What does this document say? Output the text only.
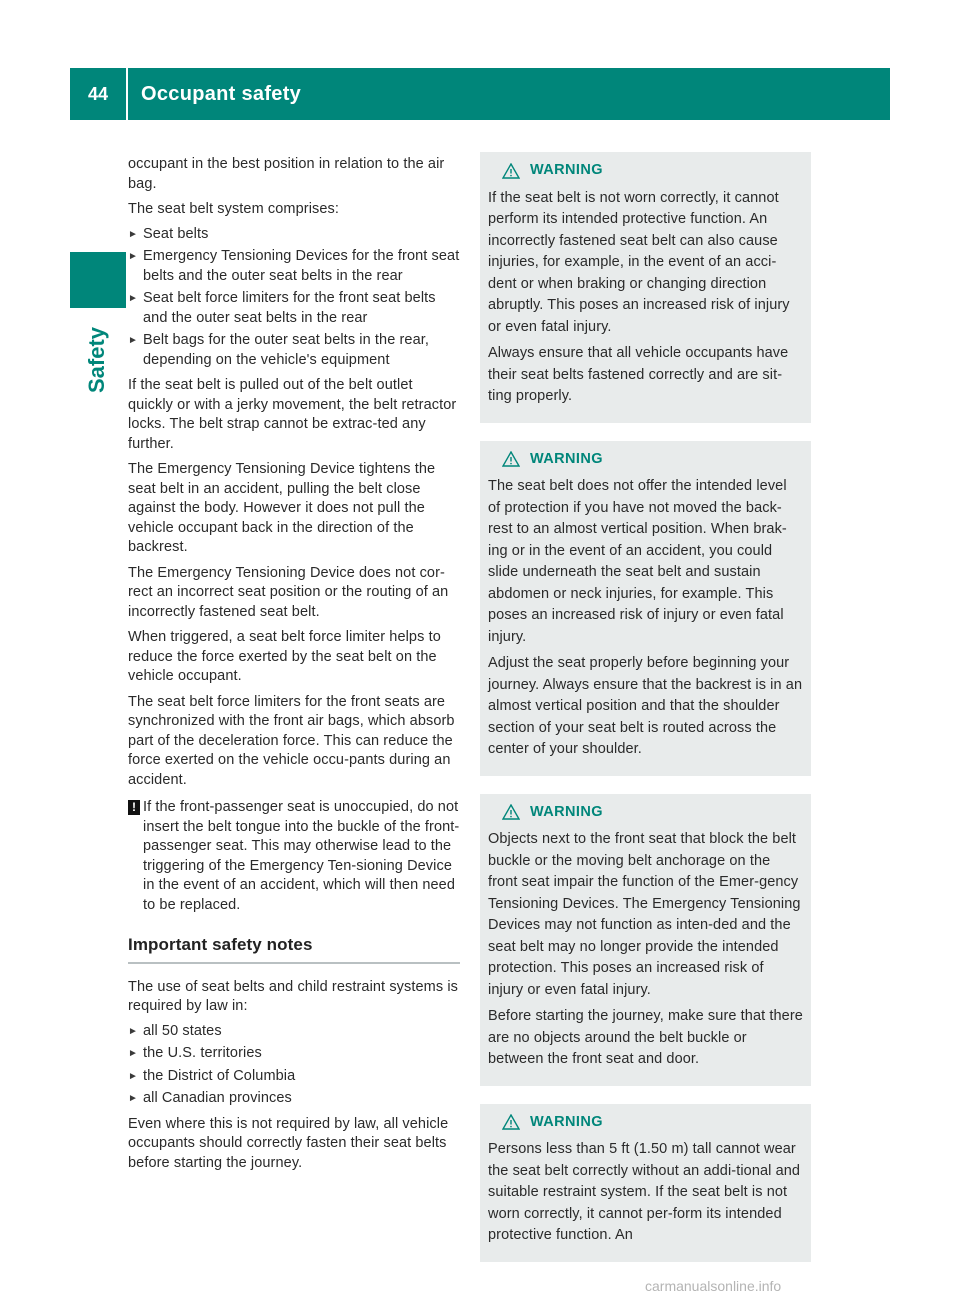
44	Occupant safety
Safety

occupant in the best position in relation to the air bag.

The seat belt system comprises:

► Seat belts
► Emergency Tensioning Devices for the front seat belts and the outer seat belts in the rear
► Seat belt force limiters for the front seat belts and the outer seat belts in the rear
► Belt bags for the outer seat belts in the rear, depending on the vehicle's equipment

If the seat belt is pulled out of the belt outlet quickly or with a jerky movement, the belt retractor locks. The belt strap cannot be extrac-ted any further.

The Emergency Tensioning Device tightens the seat belt in an accident, pulling the belt close against the body. However it does not pull the vehicle occupant back in the direction of the backrest.

The Emergency Tensioning Device does not cor-rect an incorrect seat position or the routing of an incorrectly fastened seat belt.

When triggered, a seat belt force limiter helps to reduce the force exerted by the seat belt on the vehicle occupant.

The seat belt force limiters for the front seats are synchronized with the front air bags, which absorb part of the deceleration force. This can reduce the force exerted on the vehicle occu-pants during an accident.

! If the front-passenger seat is unoccupied, do not insert the belt tongue into the buckle of the front-passenger seat. This may otherwise lead to the triggering of the Emergency Ten-sioning Device in the event of an accident, which will then need to be replaced.
Important safety notes

The use of seat belts and child restraint systems is required by law in:

► all 50 states
► the U.S. territories
► the District of Columbia
► all Canadian provinces

Even where this is not required by law, all vehicle occupants should correctly fasten their seat belts before starting the journey.

WARNING

If the seat belt is not worn correctly, it cannot perform its intended protective function. An incorrectly fastened seat belt can also cause injuries, for example, in the event of an acci-dent or when braking or changing direction abruptly. This poses an increased risk of injury or even fatal injury.

Always ensure that all vehicle occupants have their seat belts fastened correctly and are sit-ting properly.

WARNING

The seat belt does not offer the intended level of protection if you have not moved the back-rest to an almost vertical position. When brak-ing or in the event of an accident, you could slide underneath the seat belt and sustain abdomen or neck injuries, for example. This poses an increased risk of injury or even fatal injury.

Adjust the seat properly before beginning your journey. Always ensure that the backrest is in an almost vertical position and that the shoulder section of your seat belt is routed across the center of your shoulder.

WARNING

Objects next to the front seat that block the belt buckle or the moving belt anchorage on the front seat impair the function of the Emer-gency Tensioning Devices. The Emergency Tensioning Devices may not function as inten-ded and the seat belt may no longer provide the intended protection. This poses an increased risk of injury or even fatal injury.

Before starting the journey, make sure that there are no objects around the belt buckle or between the front seat and door.

WARNING

Persons less than 5 ft (1.50 m) tall cannot wear the seat belt correctly without an addi-tional and suitable restraint system. If the seat belt is not worn correctly, it cannot per-form its intended protective function. An

carmanualsonline.info
